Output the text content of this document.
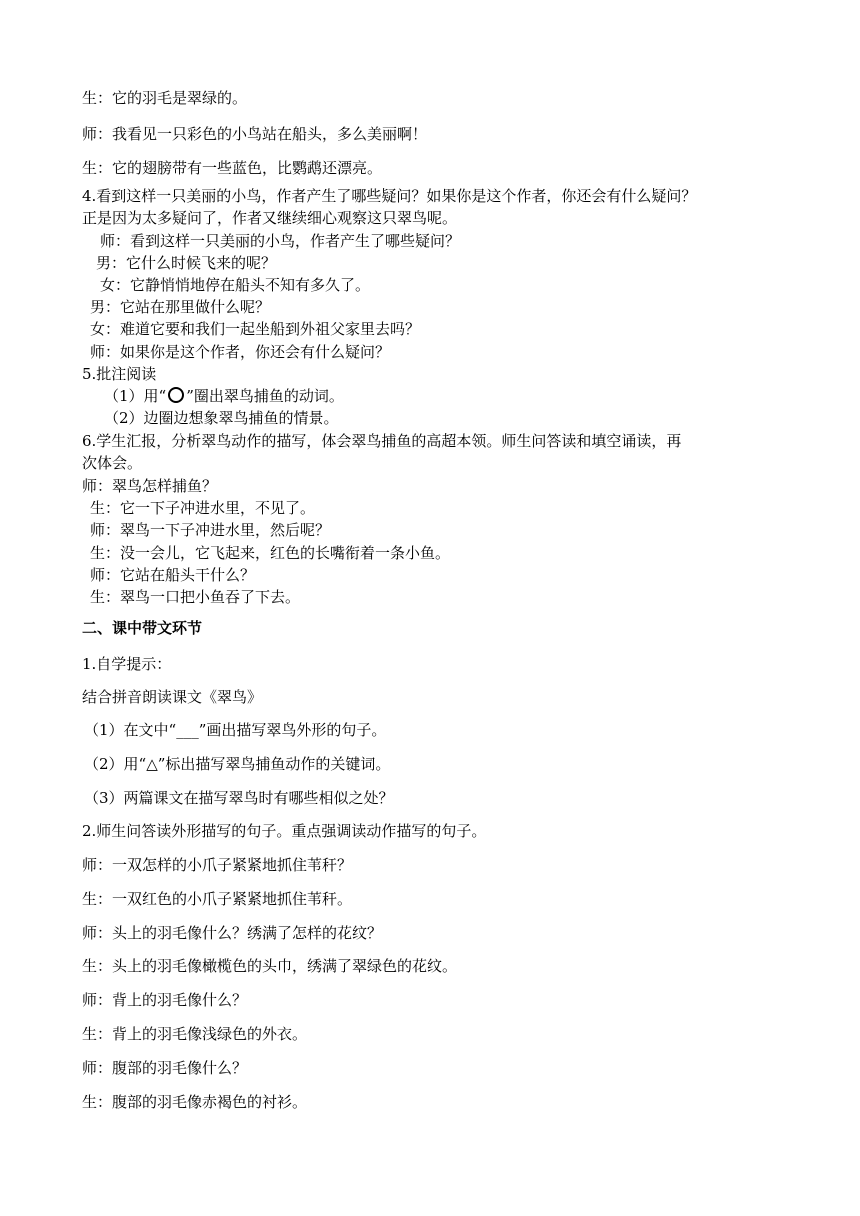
生：它的羽毛是翠绿的。
师：我看见一只彩色的小鸟站在船头，多么美丽啊！
生：它的翅膀带有一些蓝色，比鹦鹉还漂亮。
4.看到这样一只美丽的小鸟，作者产生了哪些疑问？如果你是这个作者，你还会有什么疑问？
正是因为太多疑问了，作者又继续细心观察这只翠鸟呢。
师：看到这样一只美丽的小鸟，作者产生了哪些疑问？
男：它什么时候飞来的呢？
女：它静悄悄地停在船头不知有多久了。
男：它站在那里做什么呢？
女：难道它要和我们一起坐船到外祖父家里去吗？
师：如果你是这个作者，你还会有什么疑问？
5.批注阅读
（1）用“ ”圈出翠鸟捕鱼的动词。
（2）边圈边想象翠鸟捕鱼的情景。
6.学生汇报，分析翠鸟动作的描写，体会翠鸟捕鱼的高超本领。师生问答读和填空诵读，再
次体会。
师：翠鸟怎样捕鱼？
生：它一下子冲进水里，不见了。
师：翠鸟一下子冲进水里，然后呢？
生：没一会儿，它飞起来，红色的长嘴衔着一条小鱼。
师：它站在船头干什么？
生：翠鸟一口把小鱼吞了下去。
二、课中带文环节
1.自学提示：
结合拼音朗读课文《翠鸟》
（1）在文中“___”画出描写翠鸟外形的句子。
（2）用“△”标出描写翠鸟捕鱼动作的关键词。
（3）两篇课文在描写翠鸟时有哪些相似之处？
2.师生问答读外形描写的句子。重点强调读动作描写的句子。
师：一双怎样的小爪子紧紧地抓住苇秆？
生：一双红色的小爪子紧紧地抓住苇秆。
师：头上的羽毛像什么？绣满了怎样的花纹？
生：头上的羽毛像橄榄色的头巾，绣满了翠绿色的花纹。
师：背上的羽毛像什么？
生：背上的羽毛像浅绿色的外衣。
师：腹部的羽毛像什么？
生：腹部的羽毛像赤褐色的衬衫。
